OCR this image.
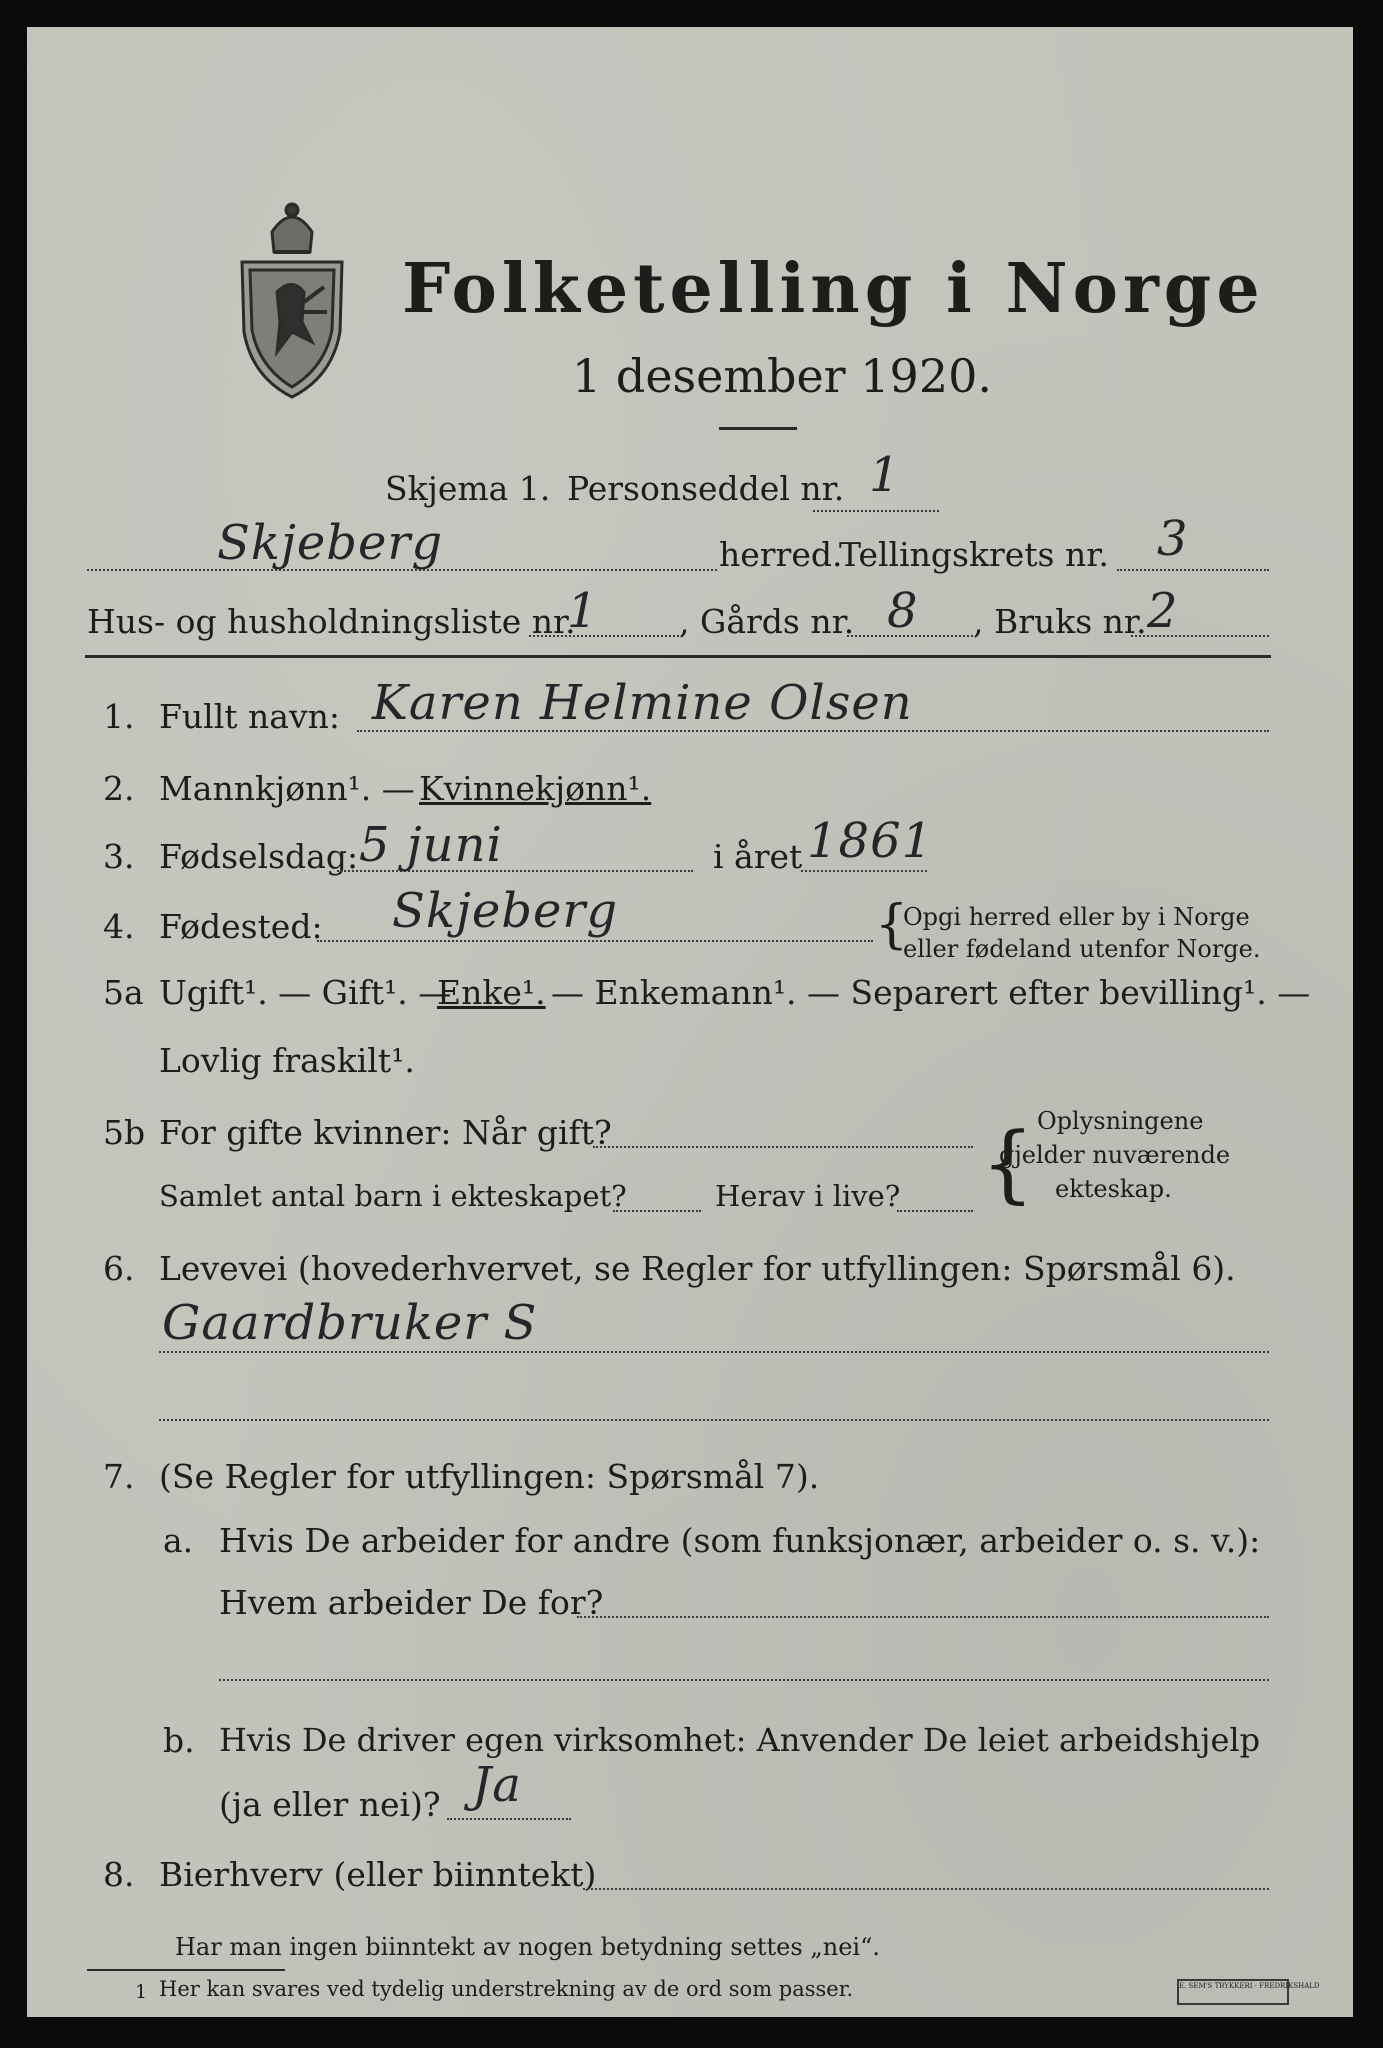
Folketelling i Norge
1 desember 1920.
Skjema 1. Personseddel nr. 1
Skjeberg	herred.
Tellingskrets nr. 3
Hus- og husholdningsliste nr.
1 , Gårds nr. 8 , Bruks nr. 2
1. Fullt navn: Karen Helmine Olsen
2. Mannkjønn¹. — Kvinnekjønn¹.
3. Fødselsdag: 5 juni	i året 1861
4. Fødested: Skjeberg	{
Opgi herred eller by i Norge
eller fødeland utenfor Norge.
5a Ugift¹. — Gift¹. —
Enke¹. — Enkemann¹. — Separert efter bevilling¹. —
Lovlig fraskilt¹.
5b For gifte kvinner: Når gift?
Samlet antal barn i ekteskapet?	Herav i live? { Oplysningene
gjelder nuværende
ekteskap.
6. Levevei (hovederhvervet, se Regler for utfyllingen: Spørsmål 6).
Gaardbruker S
7. (Se Regler for utfyllingen: Spørsmål 7).
a. Hvis De arbeider for andre (som funksjonær, arbeider o. s. v.):
Hvem arbeider De for?
b. Hvis De driver egen virksomhet: Anvender De leiet arbeidshjelp
(ja eller nei)? Ja
8. Bierhverv (eller biinntekt)
Har man ingen biinntekt av nogen betydning settes „nei“.
1 Her kan svares ved tydelig understrekning av de ord som passer.	E. SEM'S TRYKKERI · FREDRIKSHALD
